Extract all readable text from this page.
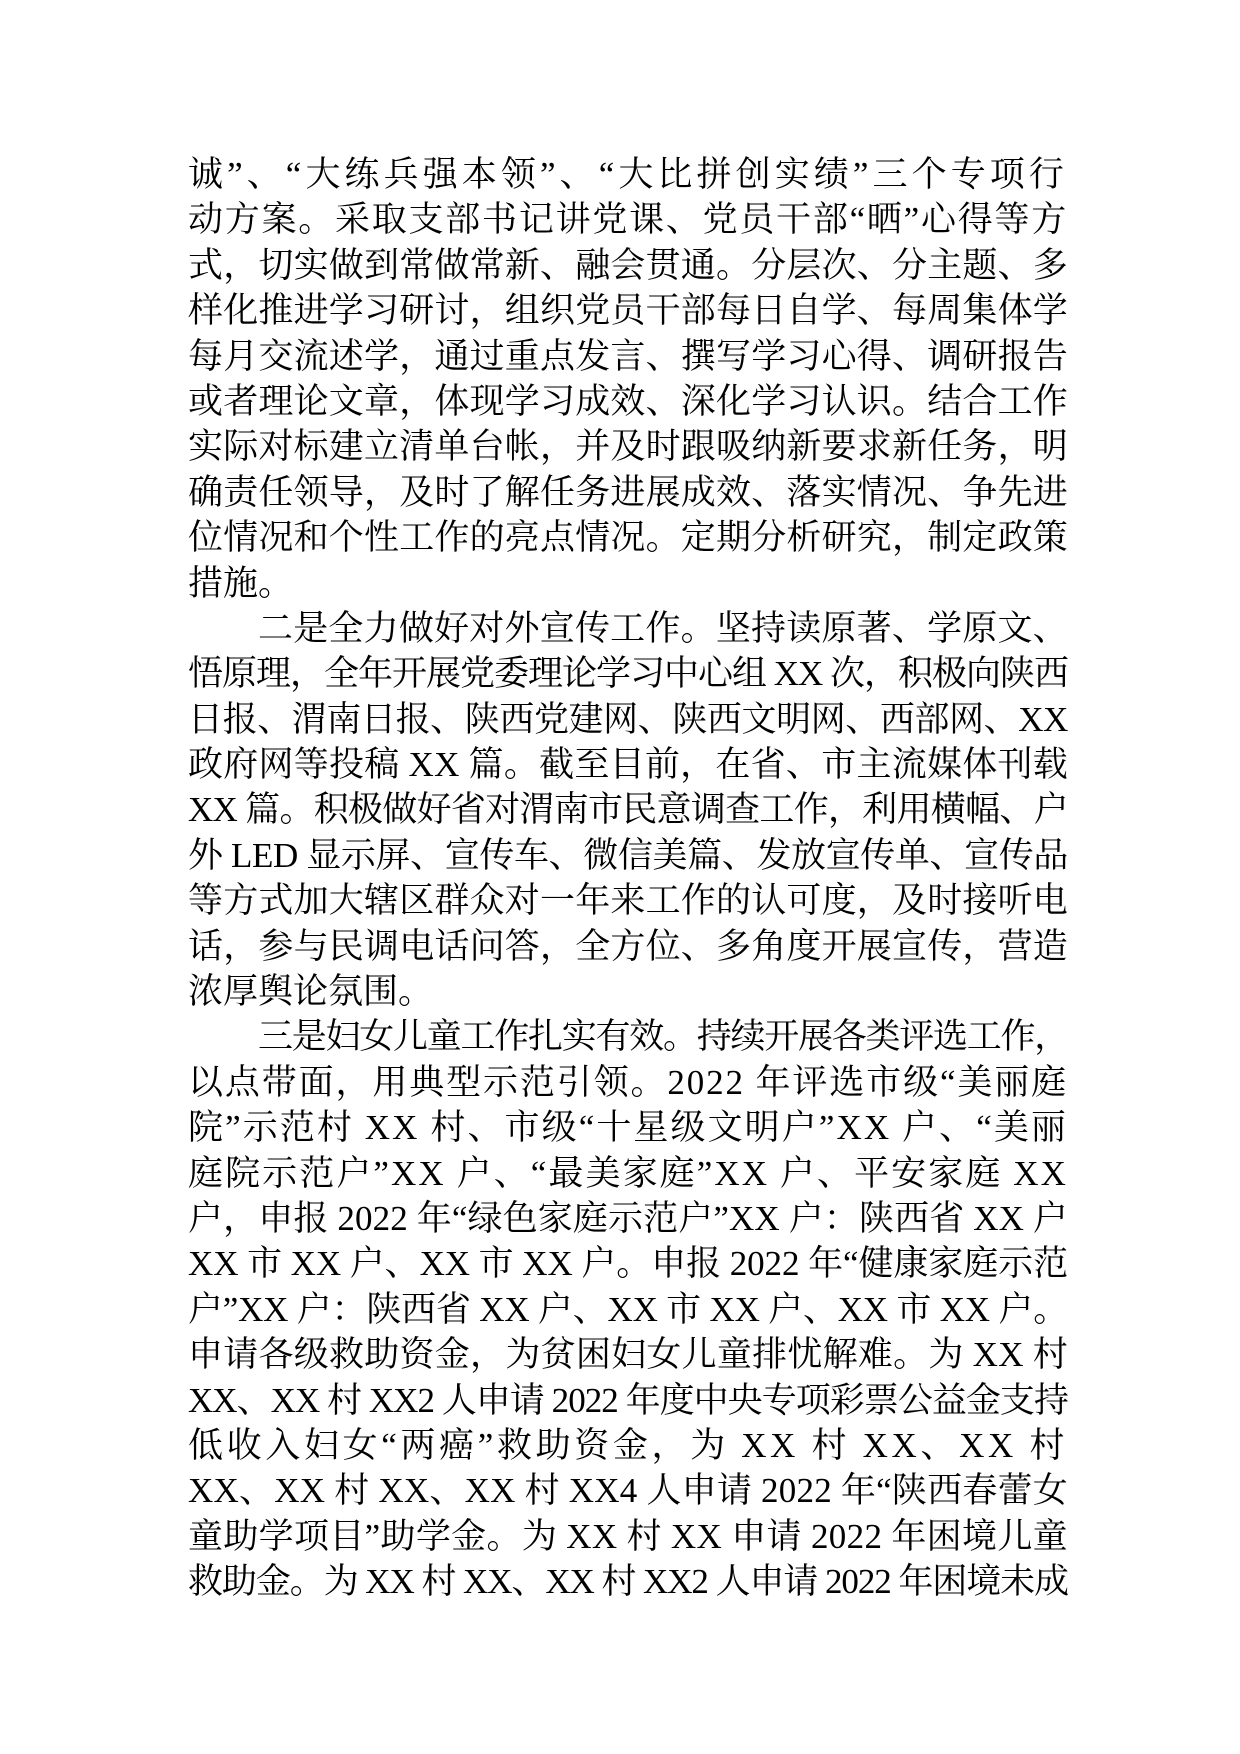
诚”、“大练兵强本领”、“大比拼创实绩”三个专项行
动方案。采取支部书记讲党课、党员干部“晒”心得等方
式，切实做到常做常新、融会贯通。分层次、分主题、多
样化推进学习研讨，组织党员干部每日自学、每周集体学
每月交流述学，通过重点发言、撰写学习心得、调研报告
或者理论文章，体现学习成效、深化学习认识。结合工作
实际对标建立清单台帐，并及时跟吸纳新要求新任务，明
确责任领导，及时了解任务进展成效、落实情况、争先进
位情况和个性工作的亮点情况。定期分析研究，制定政策
措施。
二是全力做好对外宣传工作。坚持读原著、学原文、
悟原理，全年开展党委理论学习中心组 XX 次，积极向陕西
日报、渭南日报、陕西党建网、陕西文明网、西部网、XX
政府网等投稿 XX 篇。截至目前，在省、市主流媒体刊载
XX 篇。积极做好省对渭南市民意调查工作，利用横幅、户
外 LED 显示屏、宣传车、微信美篇、发放宣传单、宣传品
等方式加大辖区群众对一年来工作的认可度，及时接听电
话，参与民调电话问答，全方位、多角度开展宣传，营造
浓厚舆论氛围。
三是妇女儿童工作扎实有效。持续开展各类评选工作，
以点带面，用典型示范引领。2022 年评选市级“美丽庭
院”示范村 XX 村、市级“十星级文明户”XX 户、“美丽
庭院示范户”XX 户、“最美家庭”XX 户、平安家庭 XX
户，申报 2022 年“绿色家庭示范户”XX 户：陕西省 XX 户
XX 市 XX 户、XX 市 XX 户。申报 2022 年“健康家庭示范
户”XX 户：陕西省 XX 户、XX 市 XX 户、XX 市 XX 户。
申请各级救助资金，为贫困妇女儿童排忧解难。为 XX 村
XX、XX 村 XX2 人申请 2022 年度中央专项彩票公益金支持
低收入妇女“两癌”救助资金，为 XX 村 XX、XX 村
XX、XX 村 XX、XX 村 XX4 人申请 2022 年“陕西春蕾女
童助学项目”助学金。为 XX 村 XX 申请 2022 年困境儿童
救助金。为 XX 村 XX、XX 村 XX2 人申请 2022 年困境未成
